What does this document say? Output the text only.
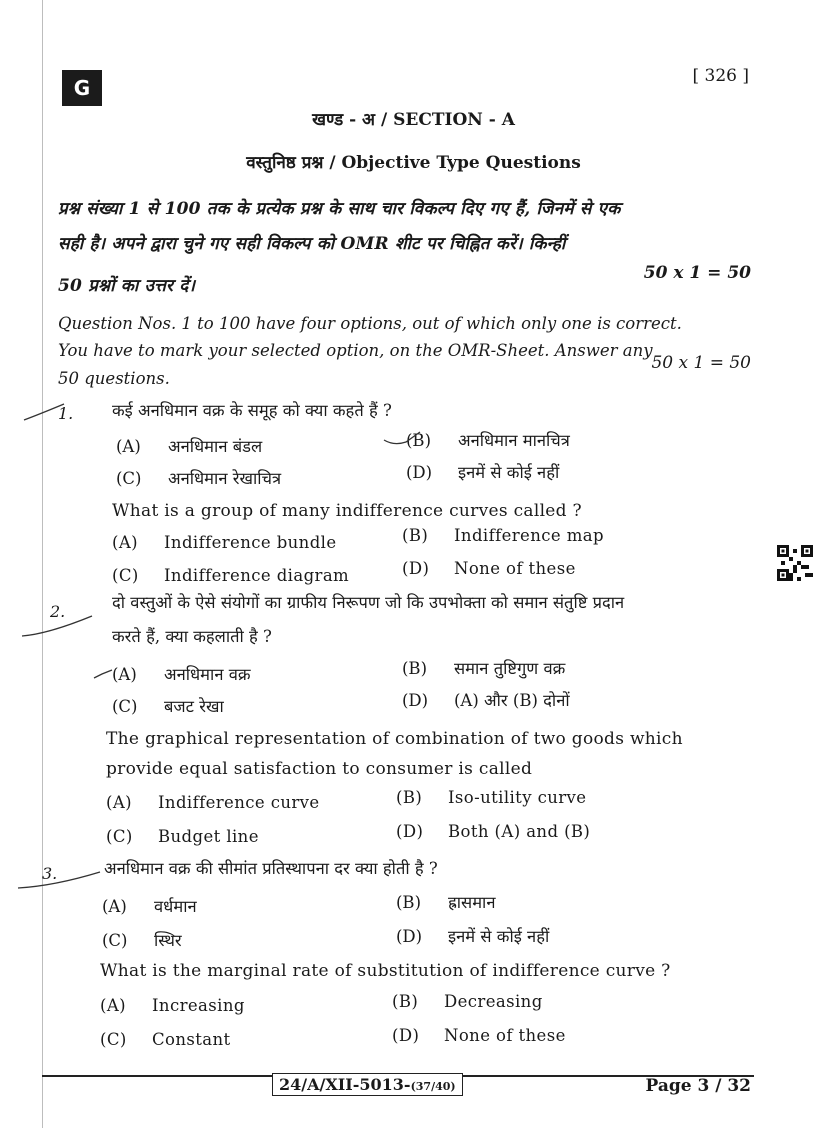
G	[ 326 ]
खण्ड - अ / SECTION - A
वस्तुनिष्ठ प्रश्न / Objective Type Questions
प्रश्न संख्या 1 से 100 तक के प्रत्येक प्रश्न के साथ चार विकल्प दिए गए हैं, जिनमें से एक
सही है। अपने द्वारा चुने गए सही विकल्प को OMR शीट पर चिह्नित करें। किन्हीं
50 प्रश्नों का उत्तर दें।
50 x 1 = 50
Question Nos. 1 to 100 have four options, out of which only one is correct.
You have to mark your selected option, on the OMR-Sheet. Answer any
50 questions.
50 x 1 = 50
1. कई अनधिमान वक्र के समूह को क्या कहते हैं ?
(A) अनधिमान बंडल	(B) अनधिमान मानचित्र
(C) अनधिमान रेखाचित्र	(D) इनमें से कोई नहीं
What is a group of many indifference curves called ?
(A) Indifference bundle	(B) Indifference map
(C) Indifference diagram	(D) None of these
2.	दो वस्तुओं के ऐसे संयोगों का ग्राफीय निरूपण जो कि उपभोक्ता को समान संतुष्टि प्रदान
करते हैं, क्या कहलाती है ?
(A) अनधिमान वक्र	(B) समान तुष्टिगुण वक्र
(C) बजट रेखा	(D) (A) और (B) दोनों
The graphical representation of combination of two goods which
provide equal satisfaction to consumer is called
(A) Indifference curve	(B) Iso-utility curve
(C) Budget line	(D) Both (A) and (B)
3.	अनधिमान वक्र की सीमांत प्रतिस्थापना दर क्या होती है ?
(A) वर्धमान	(B) ह्रासमान
(C) स्थिर	(D) इनमें से कोई नहीं
What is the marginal rate of substitution of indifference curve ?
(A) Increasing	(B) Decreasing
(C) Constant	(D) None of these
24/A/XII-5013-(37/40)	Page 3 / 32
